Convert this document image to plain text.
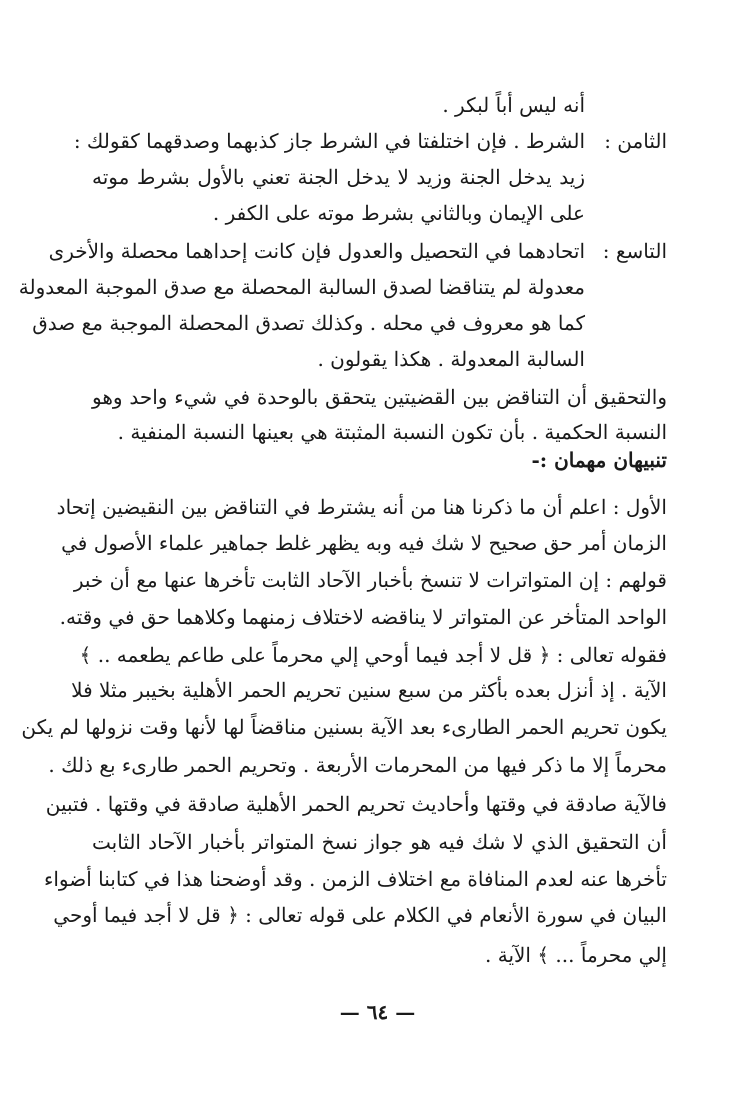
أنه ليس أباً لبكر .
الثامن :
الشرط . فإن اختلفتا في الشرط جاز كذبهما وصدقهما كقولك :
زيد يدخل الجنة وزيد لا يدخل الجنة تعني بالأول بشرط موته
على الإيمان وبالثاني بشرط موته على الكفر .
التاسع :
اتحادهما في التحصيل والعدول فإن كانت إحداهما محصلة والأخرى
معدولة لم يتناقضا لصدق السالبة المحصلة مع صدق الموجبة المعدولة
كما هو معروف في محله . وكذلك تصدق المحصلة الموجبة مع صدق
السالبة المعدولة . هكذا يقولون .
والتحقيق أن التناقض بين القضيتين يتحقق بالوحدة في شيء واحد وهو
النسبة الحكمية . بأن تكون النسبة المثبتة هي بعينها النسبة المنفية .
تنبيهان مهمان :-
الأول : اعلم أن ما ذكرنا هنا من أنه يشترط في التناقض بين النقيضين إتحاد
الزمان أمر حق صحيح لا شك فيه وبه يظهر غلط جماهير علماء الأصول في
قولهم : إن المتواترات لا تنسخ بأخبار الآحاد الثابت تأخرها عنها مع أن خبر
الواحد المتأخر عن المتواتر لا يناقضه لاختلاف زمنهما وكلاهما حق في وقته.
فقوله تعالى : ﴿ قل لا أجد فيما أوحي إلي محرماً على طاعم يطعمه .. ﴾
الآية . إذ أنزل بعده بأكثر من سبع سنين تحريم الحمر الأهلية بخيبر مثلا فلا
يكون تحريم الحمر الطارىء بعد الآية بسنين مناقضاً لها لأنها وقت نزولها لم يكن
محرماً إلا ما ذكر فيها من المحرمات الأربعة . وتحريم الحمر طارىء بع ذلك .
فالآية صادقة في وقتها وأحاديث تحريم الحمر الأهلية صادقة في وقتها . فتبين
أن التحقيق الذي لا شك فيه هو جواز نسخ المتواتر بأخبار الآحاد الثابت
تأخرها عنه لعدم المنافاة مع اختلاف الزمن . وقد أوضحنا هذا في كتابنا أضواء
البيان في سورة الأنعام في الكلام على قوله تعالى : ﴿ قل لا أجد فيما أوحي
إلي محرماً ... ﴾ الآية .
— ٦٤ —
